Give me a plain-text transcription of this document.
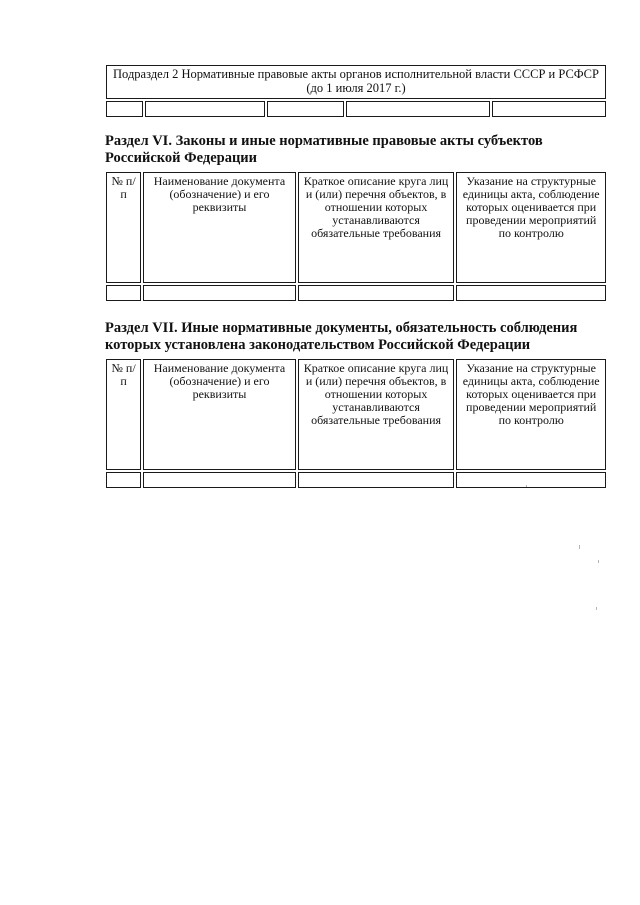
Подраздел 2 Нормативные правовые акты органов исполнительной власти СССР и РСФСР (до 1 июля 2017 г.)

Раздел VI. Законы и иные нормативные правовые акты субъектов Российской Федерации
№ п/п	Наименование документа (обозначение) и его реквизиты	Краткое описание круга лиц и (или) перечня объектов, в отношении которых устанавливаются обязательные требования	Указание на структурные единицы акта, соблюдение которых оценивается при проведении мероприятий по контролю

Раздел VII. Иные нормативные документы, обязательность соблюдения которых установлена законодательством Российской Федерации
№ п/п	Наименование документа (обозначение) и его реквизиты	Краткое описание круга лиц и (или) перечня объектов, в отношении которых устанавливаются обязательные требования	Указание на структурные единицы акта, соблюдение которых оценивается при проведении мероприятий по контролю
